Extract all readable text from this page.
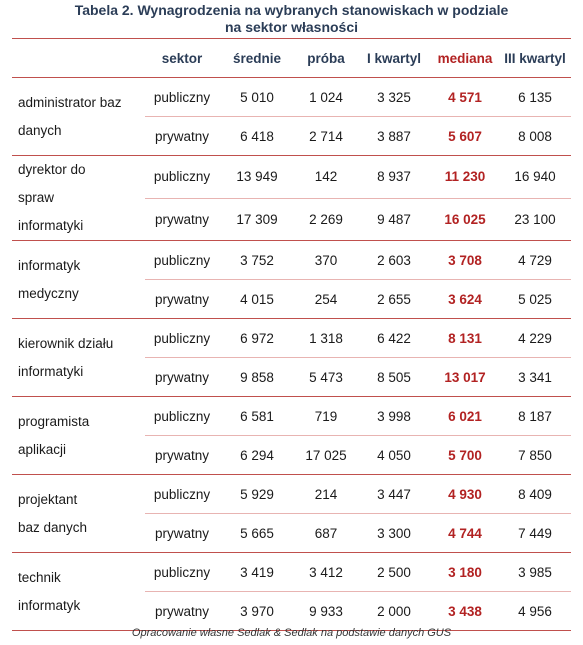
Tabela 2. Wynagrodzenia na wybranych stanowiskach w podziale
na sektor własności
	sektor	średnie	próba	I kwartyl	mediana	III kwartyl

administrator baz
danych	publiczny	5 010	1 024	3 325	4 571	6 135
	prywatny	6 418	2 714	3 887	5 607	8 008

dyrektor do
spraw
informatyki	publiczny	13 949	142	8 937	11 230	16 940
	prywatny	17 309	2 269	9 487	16 025	23 100

informatyk
medyczny	publiczny	3 752	370	2 603	3 708	4 729
	prywatny	4 015	254	2 655	3 624	5 025

kierownik działu
informatyki	publiczny	6 972	1 318	6 422	8 131	4 229
	prywatny	9 858	5 473	8 505	13 017	3 341

programista
aplikacji	publiczny	6 581	719	3 998	6 021	8 187
	prywatny	6 294	17 025	4 050	5 700	7 850

projektant
baz danych	publiczny	5 929	214	3 447	4 930	8 409
	prywatny	5 665	687	3 300	4 744	7 449

technik
informatyk	publiczny	3 419	3 412	2 500	3 180	3 985
	prywatny	3 970	9 933	2 000	3 438	4 956
Opracowanie własne Sedlak & Sedlak na podstawie danych GUS
